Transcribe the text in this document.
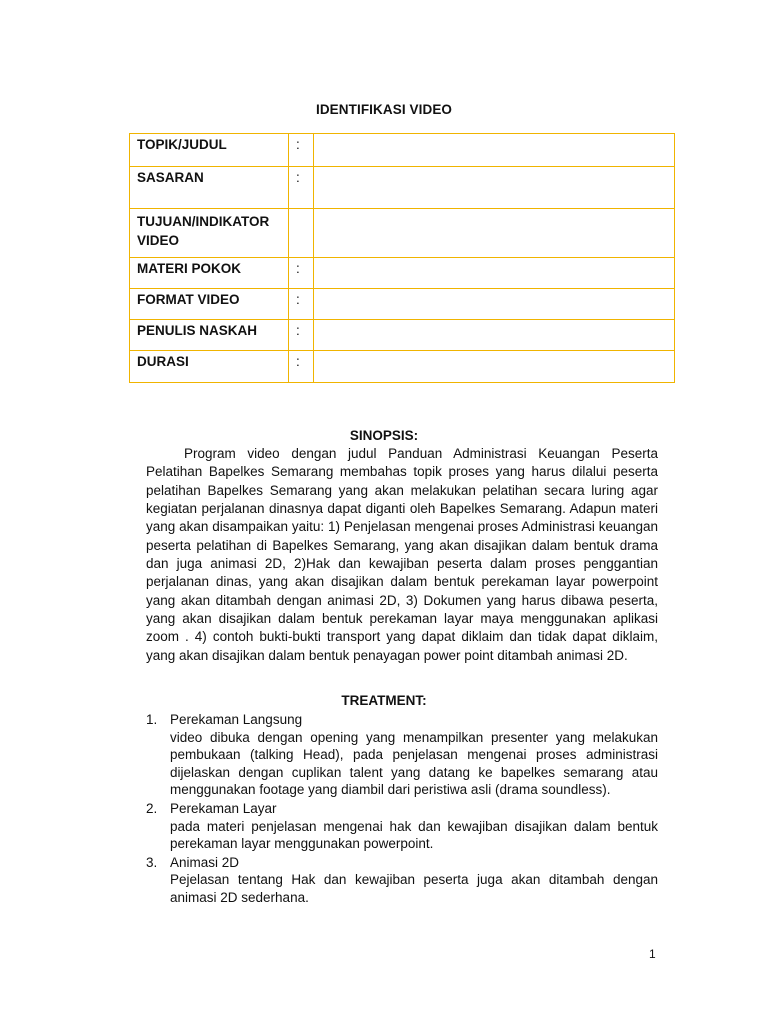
IDENTIFIKASI VIDEO
TOPIK/JUDUL	:	
SASARAN	:	
TUJUAN/INDIKATOR VIDEO		
MATERI POKOK	:	
FORMAT VIDEO	:	
PENULIS NASKAH	:	
DURASI	:	
SINOPSIS:

Program video dengan judul Panduan Administrasi Keuangan Peserta Pelatihan Bapelkes Semarang membahas topik proses yang harus dilalui peserta pelatihan Bapelkes Semarang yang akan melakukan pelatihan secara luring agar kegiatan perjalanan dinasnya dapat diganti oleh Bapelkes Semarang. Adapun materi yang akan disampaikan yaitu: 1) Penjelasan mengenai proses Administrasi keuangan peserta pelatihan di Bapelkes Semarang, yang akan disajikan dalam bentuk drama dan juga animasi 2D, 2)Hak dan kewajiban peserta dalam proses penggantian perjalanan dinas, yang akan disajikan dalam bentuk perekaman layar powerpoint yang akan ditambah dengan animasi 2D, 3) Dokumen yang harus dibawa peserta, yang akan disajikan dalam bentuk perekaman layar maya menggunakan aplikasi zoom . 4) contoh bukti-bukti transport yang dapat diklaim dan tidak dapat diklaim, yang akan disajikan dalam bentuk penayagan power point ditambah animasi 2D.

TREATMENT:
1. Perekaman Langsung
video dibuka dengan opening yang menampilkan presenter yang melakukan pembukaan (talking Head), pada penjelasan mengenai proses administrasi dijelaskan dengan cuplikan talent yang datang ke bapelkes semarang atau menggunakan footage yang diambil dari peristiwa asli (drama soundless).
2. Perekaman Layar
pada materi penjelasan mengenai hak dan kewajiban disajikan dalam bentuk perekaman layar menggunakan powerpoint.
3. Animasi 2D
Pejelasan tentang Hak dan kewajiban peserta juga akan ditambah dengan animasi 2D sederhana.

1
